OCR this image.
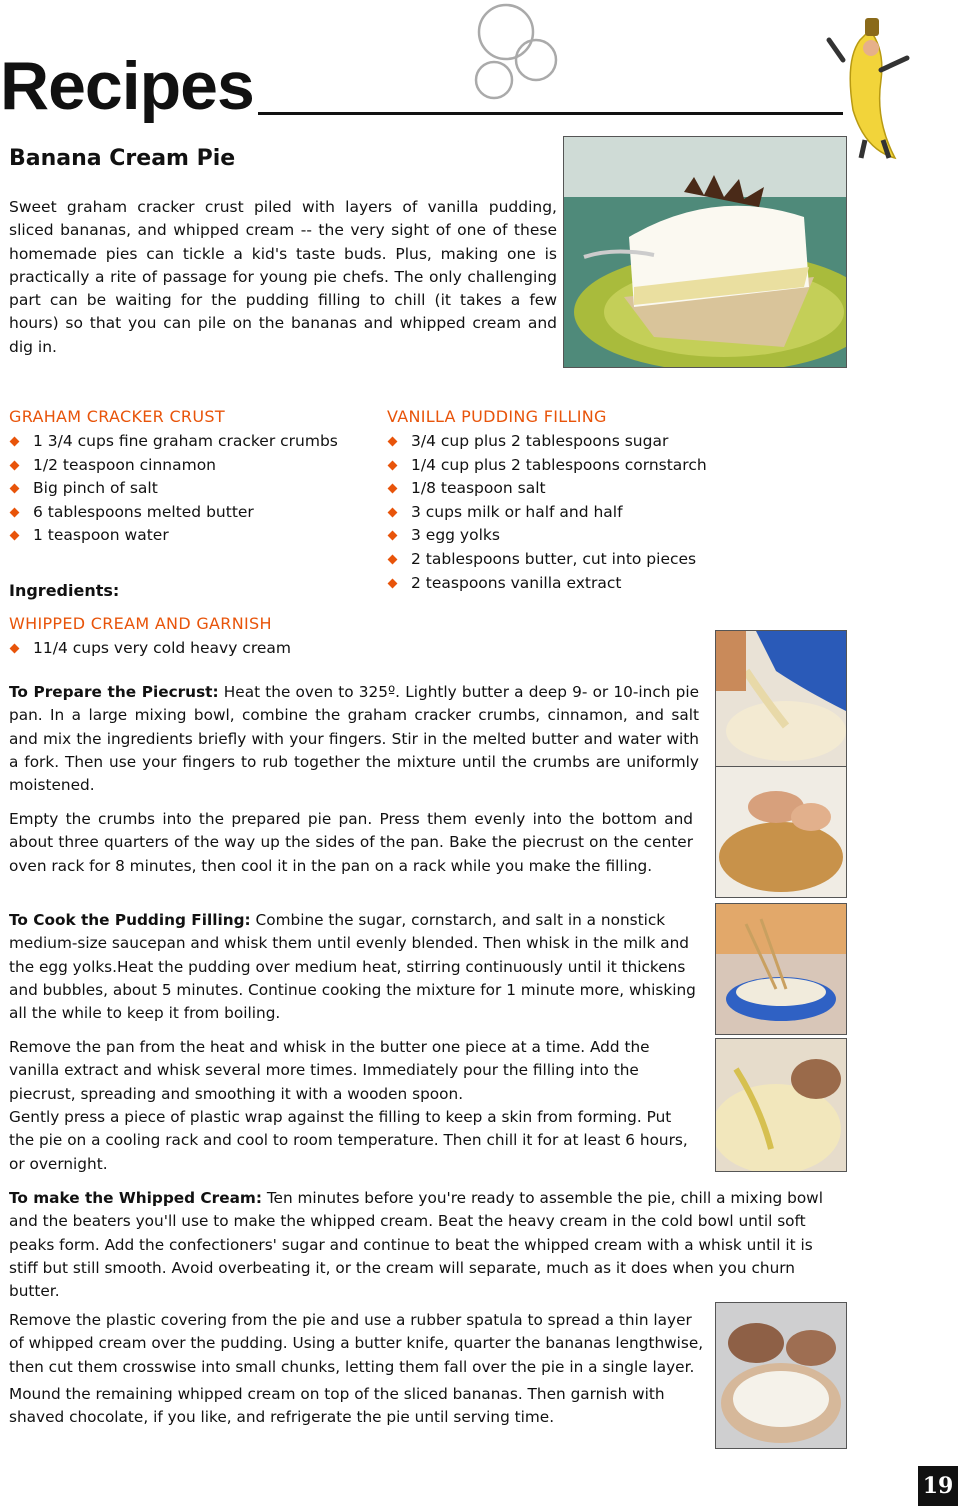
Recipes
Banana Cream Pie
Sweet graham cracker crust piled with layers of vanilla pudding, sliced bananas, and whipped cream -- the very sight of one of these homemade pies can tickle a kid's taste buds. Plus, making one is practically a rite of passage for young pie chefs. The only challenging part can be waiting for the pudding filling to chill (it takes a few hours) so that you can pile on the bananas and whipped cream and dig in.
GRAHAM CRACKER CRUST
1 3/4 cups fine graham cracker crumbs
1/2 teaspoon cinnamon
Big pinch of salt
6 tablespoons melted butter
1 teaspoon water
VANILLA PUDDING FILLING
3/4 cup plus 2 tablespoons sugar
1/4 cup plus 2 tablespoons cornstarch
1/8 teaspoon salt
3 cups milk or half and half
3 egg yolks
2 tablespoons butter, cut into pieces
2 teaspoons vanilla extract
Ingredients:
WHIPPED CREAM AND GARNISH
11/4 cups very cold heavy cream
To Prepare the Piecrust: Heat the oven to 325º. Lightly butter a deep 9- or 10-inch pie pan. In a large mixing bowl, combine the graham cracker crumbs, cinnamon, and salt and mix the ingredients briefly with your fingers. Stir in the melted butter and water with a fork. Then use your fingers to rub together the mixture until the crumbs are uniformly moistened.
Empty the crumbs into the prepared pie pan. Press them evenly into the bottom and about three quarters of the way up the sides of the pan. Bake the piecrust on the center oven rack for 8 minutes, then cool it in the pan on a rack while you make the filling.
To Cook the Pudding Filling: Combine the sugar, cornstarch, and salt in a nonstick medium-size saucepan and whisk them until evenly blended. Then whisk in the milk and the egg yolks.Heat the pudding over medium heat, stirring continuously until it thickens and bubbles, about 5 minutes. Continue cooking the mixture for 1 minute more, whisking all the while to keep it from boiling.
Remove the pan from the heat and whisk in the butter one piece at a time. Add the vanilla extract and whisk several more times. Immediately pour the filling into the piecrust, spreading and smoothing it with a wooden spoon.
Gently press a piece of plastic wrap against the filling to keep a skin from forming. Put the pie on a cooling rack and cool to room temperature. Then chill it for at least 6 hours, or overnight.
To make the Whipped Cream: Ten minutes before you're ready to assemble the pie, chill a mixing bowl and the beaters you'll use to make the whipped cream. Beat the heavy cream in the cold bowl until soft peaks form. Add the confectioners' sugar and continue to beat the whipped cream with a whisk until it is stiff but still smooth. Avoid overbeating it, or the cream will separate, much as it does when you churn butter.
Remove the plastic covering from the pie and use a rubber spatula to spread a thin layer of whipped cream over the pudding. Using a butter knife, quarter the bananas lengthwise, then cut them crosswise into small chunks, letting them fall over the pie in a single layer.
Mound the remaining whipped cream on top of the sliced bananas. Then garnish with shaved chocolate, if you like, and refrigerate the pie until serving time.
19
